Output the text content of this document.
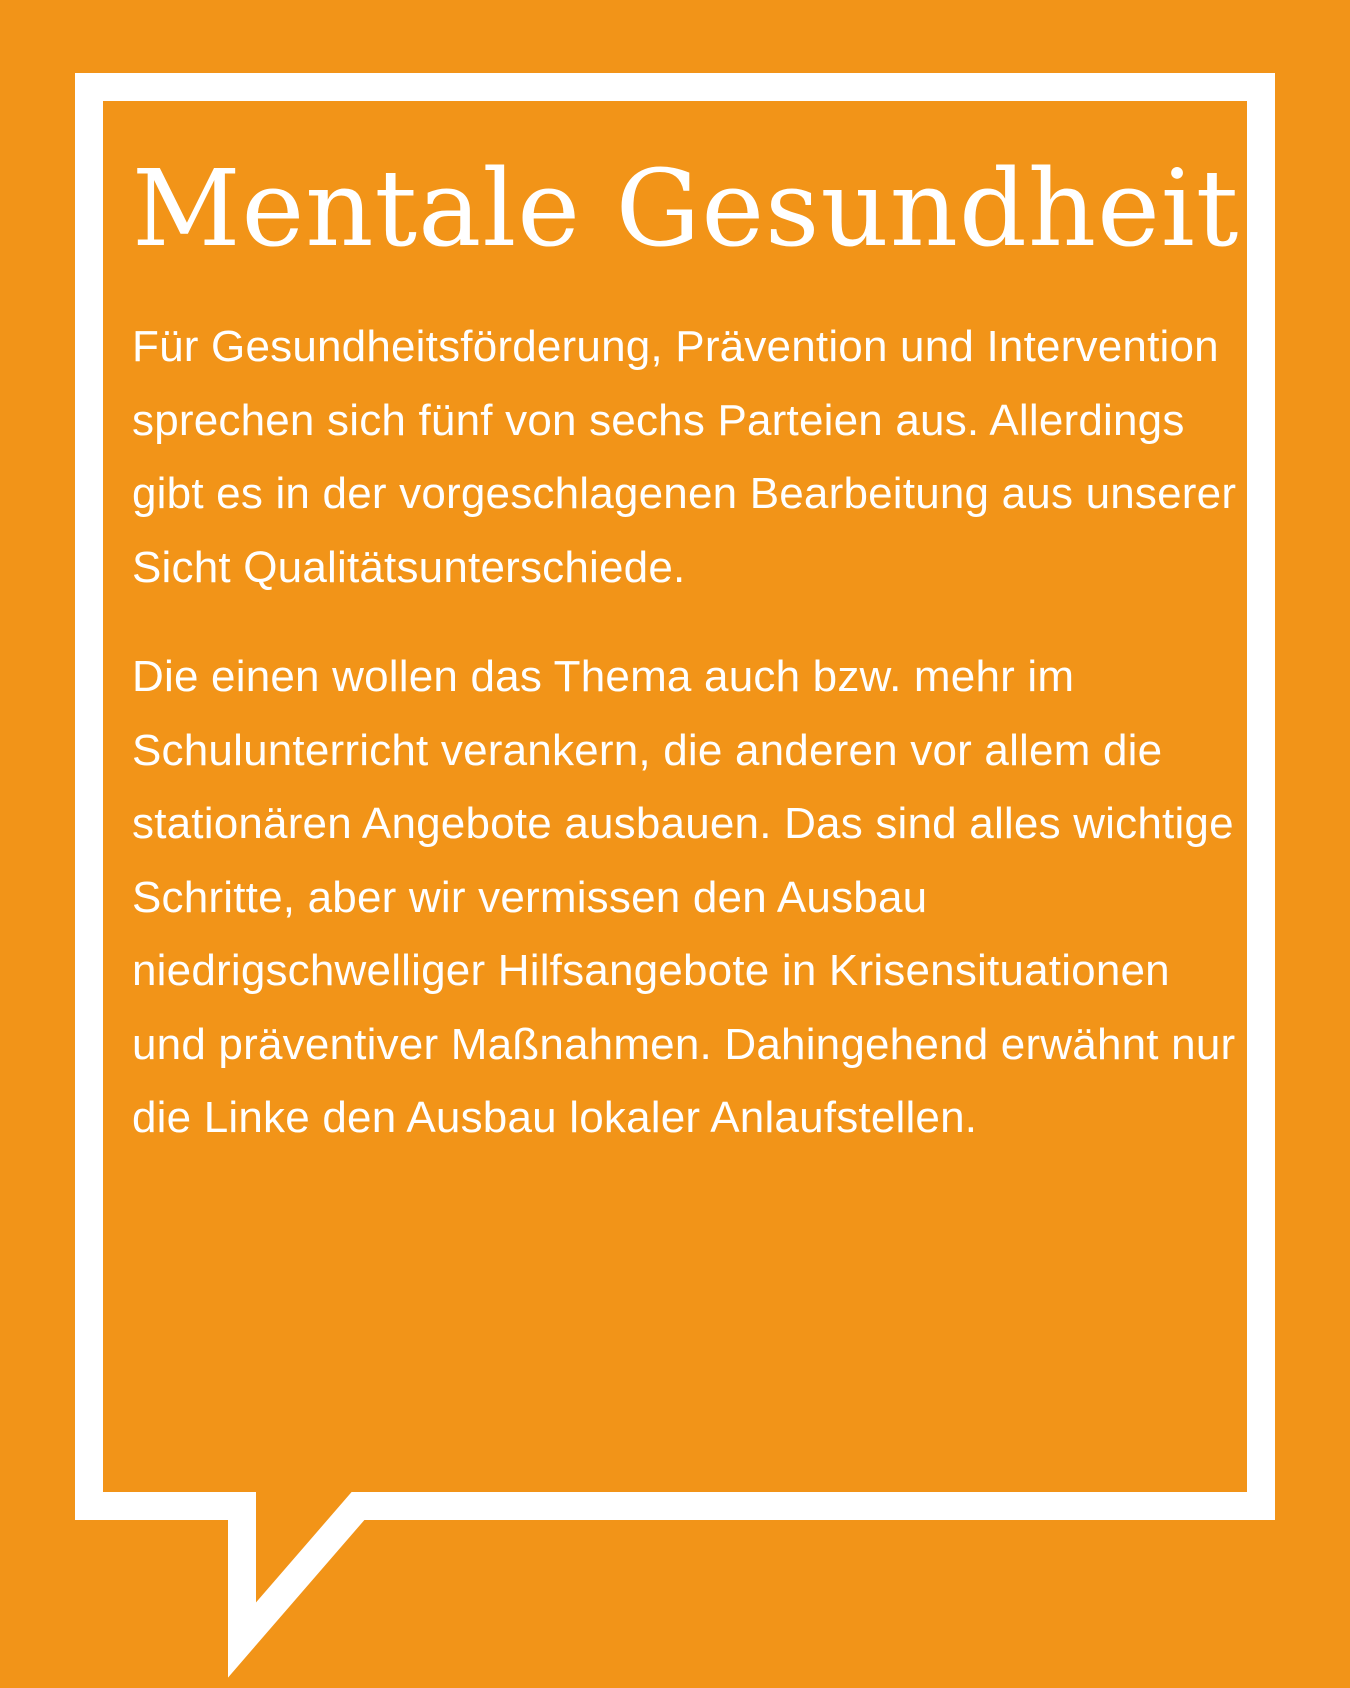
Mentale Gesundheit

Für Gesundheitsförderung, Prävention und Intervention sprechen sich fünf von sechs Parteien aus. Allerdings gibt es in der vorgeschlagenen Bearbeitung aus unserer Sicht Qualitätsunterschiede.

Die einen wollen das Thema auch bzw. mehr im Schulunterricht verankern, die anderen vor allem die stationären Angebote ausbauen. Das sind alles wichtige Schritte, aber wir vermissen den Ausbau niedrigschwelliger Hilfsangebote in Krisensituationen und präventiver Maßnahmen. Dahingehend erwähnt nur die Linke den Ausbau lokaler Anlaufstellen.
